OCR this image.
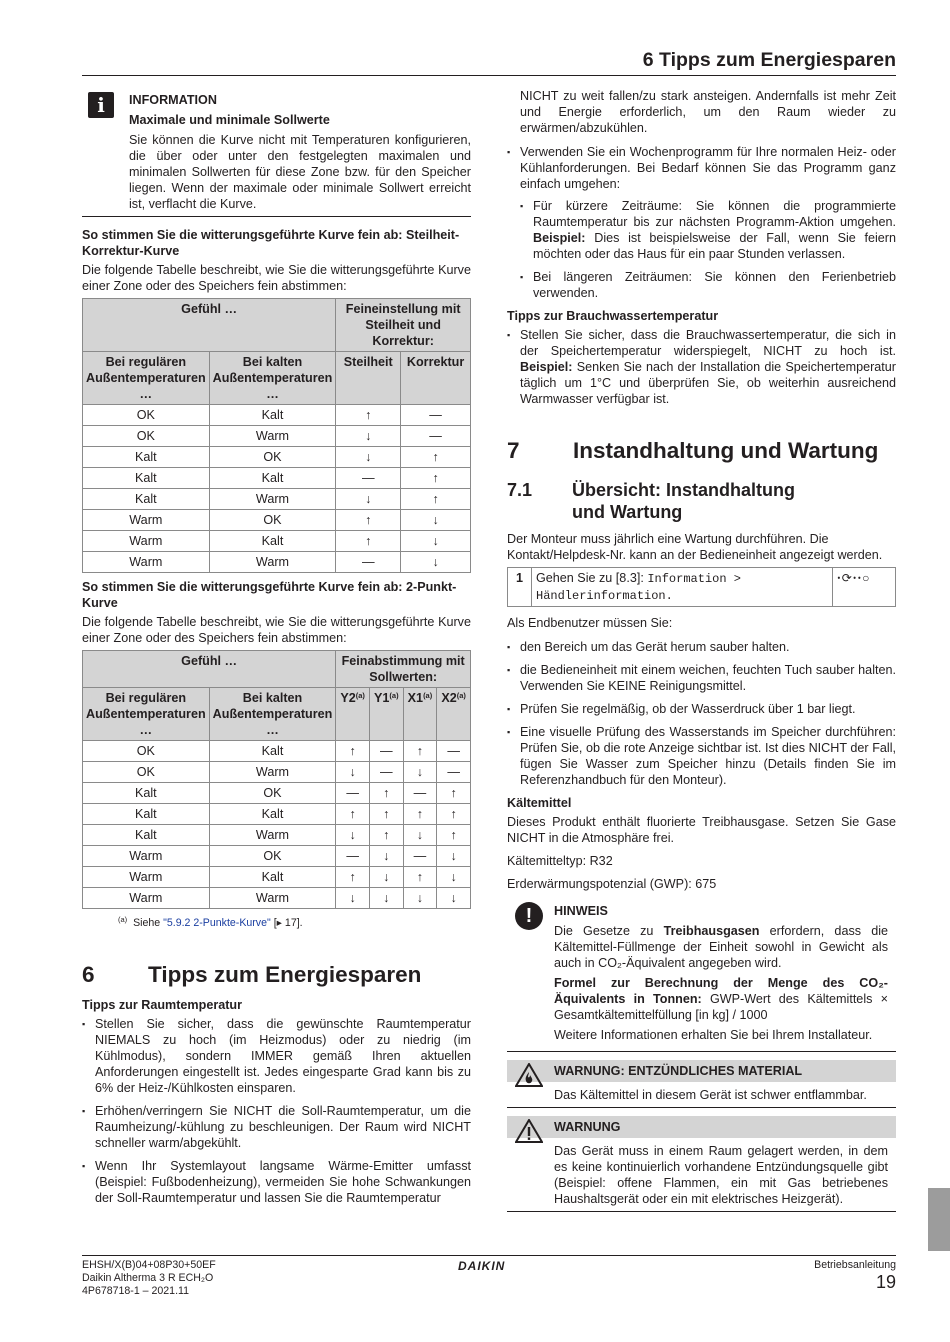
6 Tipps zum Energiesparen
i	INFORMATION
Maximale und minimale Sollwerte
Sie können die Kurve nicht mit Temperaturen konfigurieren, die über oder unter den festgelegten maximalen und minimalen Sollwerten für diese Zone bzw. für den Speicher liegen. Wenn der maximale oder minimale Sollwert erreicht ist, verflacht die Kurve.
So stimmen Sie die witterungsgeführte Kurve fein ab: Steilheit-Korrektur-Kurve

Die folgende Tabelle beschreibt, wie Sie die witterungsgeführte Kurve einer Zone oder des Speichers fein abstimmen:

Gefühl …		Feineinstellung mit Steilheit und Korrektur:	
Bei regulären Außentemperaturen …	Bei kalten Außentemperaturen …	Steilheit	Korrektur
OK	Kalt	↑	—
OK	Warm	↓	—
Kalt	OK	↓	↑
Kalt	Kalt	—	↑
Kalt	Warm	↓	↑
Warm	OK	↑	↓
Warm	Kalt	↑	↓
Warm	Warm	—	↓
So stimmen Sie die witterungsgeführte Kurve fein ab: 2-Punkt-Kurve

Die folgende Tabelle beschreibt, wie Sie die witterungsgeführte Kurve einer Zone oder des Speichers fein abstimmen:

Gefühl …		Feinabstimmung mit Sollwerten:			
Bei regulären Außentemperaturen …	Bei kalten Außentemperaturen …	Y2$^{(a)}$	Y1$^{(a)}$	X1$^{(a)}$	X2$^{(a)}$
OK	Kalt	↑	—	↑	—
OK	Warm	↓	—	↓	—
Kalt	OK	—	↑	—	↑
Kalt	Kalt	↑	↑	↑	↑
Kalt	Warm	↓	↑	↓	↑
Warm	OK	—	↓	—	↓
Warm	Kalt	↑	↓	↑	↓
Warm	Warm	↓	↓	↓	↓
$^{(a)}$ Siehe "5.9.2 2-Punkte-Kurve" [▸ 17].
6	Tipps zum Energiesparen
Tipps zur Raumtemperatur
▪ Stellen Sie sicher, dass die gewünschte Raumtemperatur NIEMALS zu hoch (im Heizmodus) oder zu niedrig (im Kühlmodus), sondern IMMER gemäß Ihren aktuellen Anforderungen eingestellt ist. Jedes eingesparte Grad kann bis zu 6% der Heiz-/Kühlkosten einsparen.
▪ Erhöhen/verringern Sie NICHT die Soll-Raumtemperatur, um die Raumheizung/-kühlung zu beschleunigen. Der Raum wird NICHT schneller warm/abgekühlt.
▪ Wenn Ihr Systemlayout langsame Wärme-Emitter umfasst (Beispiel: Fußbodenheizung), vermeiden Sie hohe Schwankungen der Soll-Raumtemperatur und lassen Sie die Raumtemperatur

NICHT zu weit fallen/zu stark ansteigen. Andernfalls ist mehr Zeit und Energie erforderlich, um den Raum wieder zu erwärmen/abzukühlen.

▪ Verwenden Sie ein Wochenprogramm für Ihre normalen Heiz- oder Kühlanforderungen. Bei Bedarf können Sie das Programm ganz einfach umgehen:
▪ Für kürzere Zeiträume: Sie können die programmierte Raumtemperatur bis zur nächsten Programm-Aktion umgehen. Beispiel: Dies ist beispielsweise der Fall, wenn Sie feiern möchten oder das Haus für ein paar Stunden verlassen.
▪ Bei längeren Zeiträumen: Sie können den Ferienbetrieb verwenden.
Tipps zur Brauchwassertemperatur
▪ Stellen Sie sicher, dass die Brauchwassertemperatur, die sich in der Speichertemperatur widerspiegelt, NICHT zu hoch ist. Beispiel: Senken Sie nach der Installation die Speichertemperatur täglich um 1°C und überprüfen Sie, ob weiterhin ausreichend Warmwasser verfügbar ist.
7	Instandhaltung und Wartung
7.1	Übersicht: Instandhaltung und Wartung

Der Monteur muss jährlich eine Wartung durchführen. Die Kontakt/Helpdesk-Nr. kann an der Bedieneinheit angezeigt werden.

1	Gehen Sie zu [8.3]: Information > Händlerinformation.
ꞏ⟳ꞏꞏ○

Als Endbenutzer müssen Sie:

▪ den Bereich um das Gerät herum sauber halten.
▪ die Bedieneinheit mit einem weichen, feuchten Tuch sauber halten. Verwenden Sie KEINE Reinigungsmittel.
▪ Prüfen Sie regelmäßig, ob der Wasserdruck über 1 bar liegt.
▪ Eine visuelle Prüfung des Wasserstands im Speicher durchführen: Prüfen Sie, ob die rote Anzeige sichtbar ist. Ist dies NICHT der Fall, fügen Sie Wasser zum Speicher hinzu (Details finden Sie im Referenzhandbuch für den Monteur).
Kältemittel

Dieses Produkt enthält fluorierte Treibhausgase. Setzen Sie Gase NICHT in die Atmosphäre frei.

Kältemitteltyp: R32

Erderwärmungspotenzial (GWP): 675

!	HINWEIS

Die Gesetze zu Treibhausgasen erfordern, dass die Kältemittel-Füllmenge der Einheit sowohl in Gewicht als auch in CO₂-Äquivalent angegeben wird.

Formel zur Berechnung der Menge des CO₂-Äquivalents in Tonnen: GWP-Wert des Kältemittels × Gesamtkältemittelfüllung [in kg] / 1000

Weitere Informationen erhalten Sie bei Ihrem Installateur.

WARNUNG: ENTZÜNDLICHES MATERIAL
Das Kältemittel in diesem Gerät ist schwer entflammbar.
WARNUNG
Das Gerät muss in einem Raum gelagert werden, in dem es keine kontinuierlich vorhandene Entzündungsquelle gibt (Beispiel: offene Flammen, ein mit Gas betriebenes Haushaltsgerät oder ein mit elektrisches Heizgerät).
EHSH/X(B)04+08P30+50EF
Daikin Altherma 3 R ECH₂O
4P678718-1 – 2021.11
DAIKIN	Betriebsanleitung
19
